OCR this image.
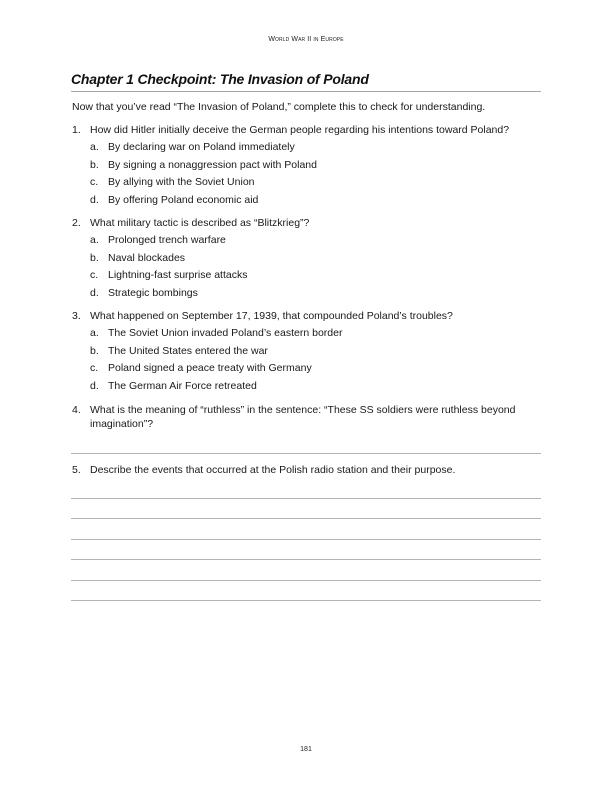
World War II in Europe
Chapter 1 Checkpoint: The Invasion of Poland

Now that you’ve read “The Invasion of Poland,” complete this to check for understanding.

1. How did Hitler initially deceive the German people regarding his intentions toward Poland?
a. By declaring war on Poland immediately
b. By signing a nonaggression pact with Poland
c. By allying with the Soviet Union
d. By offering Poland economic aid
2. What military tactic is described as “Blitzkrieg”?
a. Prolonged trench warfare
b. Naval blockades
c. Lightning-fast surprise attacks
d. Strategic bombings
3. What happened on September 17, 1939, that compounded Poland’s troubles?
a. The Soviet Union invaded Poland’s eastern border
b. The United States entered the war
c. Poland signed a peace treaty with Germany
d. The German Air Force retreated
4. What is the meaning of “ruthless” in the sentence: “These SS soldiers were ruthless beyond imagination”?
5. Describe the events that occurred at the Polish radio station and their purpose.
181
